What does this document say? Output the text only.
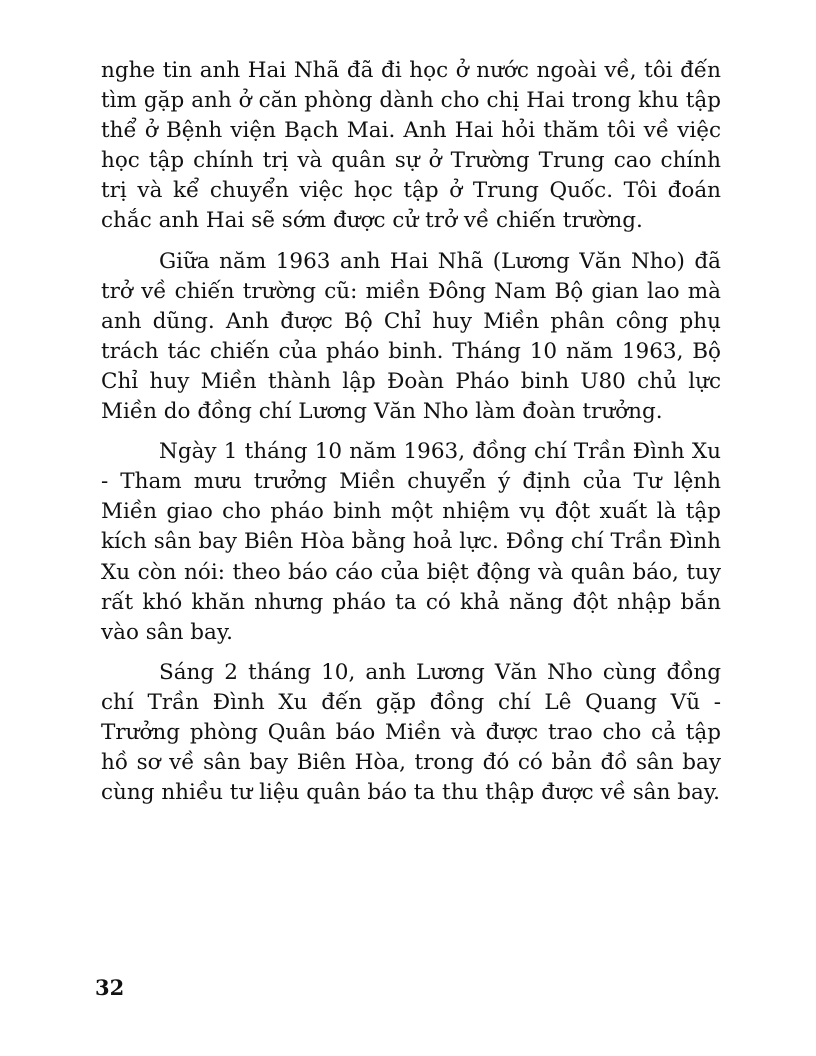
nghe tin anh Hai Nhã đã đi học ở nước ngoài về, tôi đến tìm gặp anh ở căn phòng dành cho chị Hai trong khu tập thể ở Bệnh viện Bạch Mai. Anh Hai hỏi thăm tôi về việc học tập chính trị và quân sự ở Trường Trung cao chính trị và kể chuyển việc học tập ở Trung Quốc. Tôi đoán chắc anh Hai sẽ sớm được cử trở về chiến trường.

Giữa năm 1963 anh Hai Nhã (Lương Văn Nho) đã trở về chiến trường cũ: miền Đông Nam Bộ gian lao mà anh dũng. Anh được Bộ Chỉ huy Miền phân công phụ trách tác chiến của pháo binh. Tháng 10 năm 1963, Bộ Chỉ huy Miền thành lập Đoàn Pháo binh U80 chủ lực Miền do đồng chí Lương Văn Nho làm đoàn trưởng.

Ngày 1 tháng 10 năm 1963, đồng chí Trần Đình Xu - Tham mưu trưởng Miền chuyển ý định của Tư lệnh Miền giao cho pháo binh một nhiệm vụ đột xuất là tập kích sân bay Biên Hòa bằng hoả lực. Đồng chí Trần Đình Xu còn nói: theo báo cáo của biệt động và quân báo, tuy rất khó khăn nhưng pháo ta có khả năng đột nhập bắn vào sân bay.

Sáng 2 tháng 10, anh Lương Văn Nho cùng đồng chí Trần Đình Xu đến gặp đồng chí Lê Quang Vũ - Trưởng phòng Quân báo Miền và được trao cho cả tập hồ sơ về sân bay Biên Hòa, trong đó có bản đồ sân bay cùng nhiều tư liệu quân báo ta thu thập được về sân bay.

32
